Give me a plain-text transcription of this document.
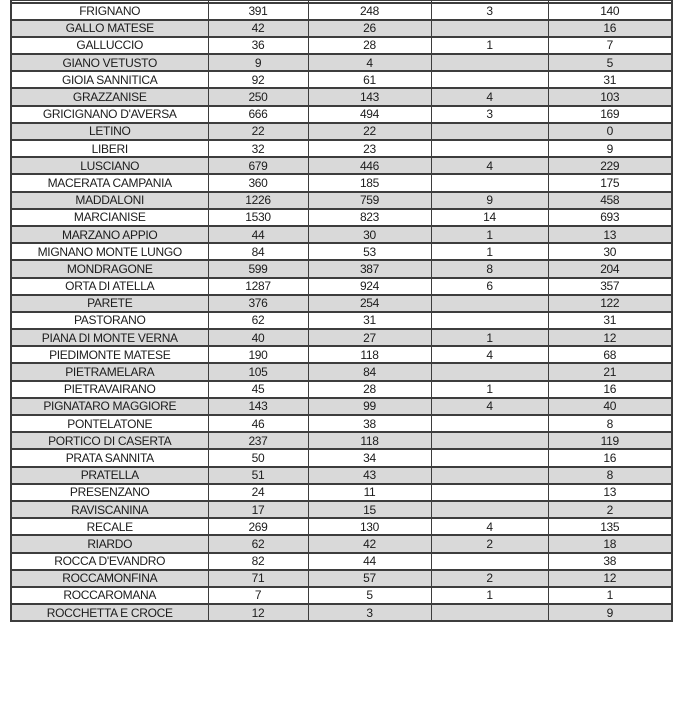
FRIGNANO	391	248	3	140
GALLO MATESE	42	26		16
GALLUCCIO	36	28	1	7
GIANO VETUSTO	9	4		5
GIOIA SANNITICA	92	61		31
GRAZZANISE	250	143	4	103
GRICIGNANO D'AVERSA	666	494	3	169
LETINO	22	22		0
LIBERI	32	23		9
LUSCIANO	679	446	4	229
MACERATA CAMPANIA	360	185		175
MADDALONI	1226	759	9	458
MARCIANISE	1530	823	14	693
MARZANO APPIO	44	30	1	13
MIGNANO MONTE LUNGO	84	53	1	30
MONDRAGONE	599	387	8	204
ORTA DI ATELLA	1287	924	6	357
PARETE	376	254		122
PASTORANO	62	31		31
PIANA DI MONTE VERNA	40	27	1	12
PIEDIMONTE MATESE	190	118	4	68
PIETRAMELARA	105	84		21
PIETRAVAIRANO	45	28	1	16
PIGNATARO MAGGIORE	143	99	4	40
PONTELATONE	46	38		8
PORTICO DI CASERTA	237	118		119
PRATA SANNITA	50	34		16
PRATELLA	51	43		8
PRESENZANO	24	11		13
RAVISCANINA	17	15		2
RECALE	269	130	4	135
RIARDO	62	42	2	18
ROCCA D'EVANDRO	82	44		38
ROCCAMONFINA	71	57	2	12
ROCCAROMANA	7	5	1	1
ROCCHETTA E CROCE	12	3		9
